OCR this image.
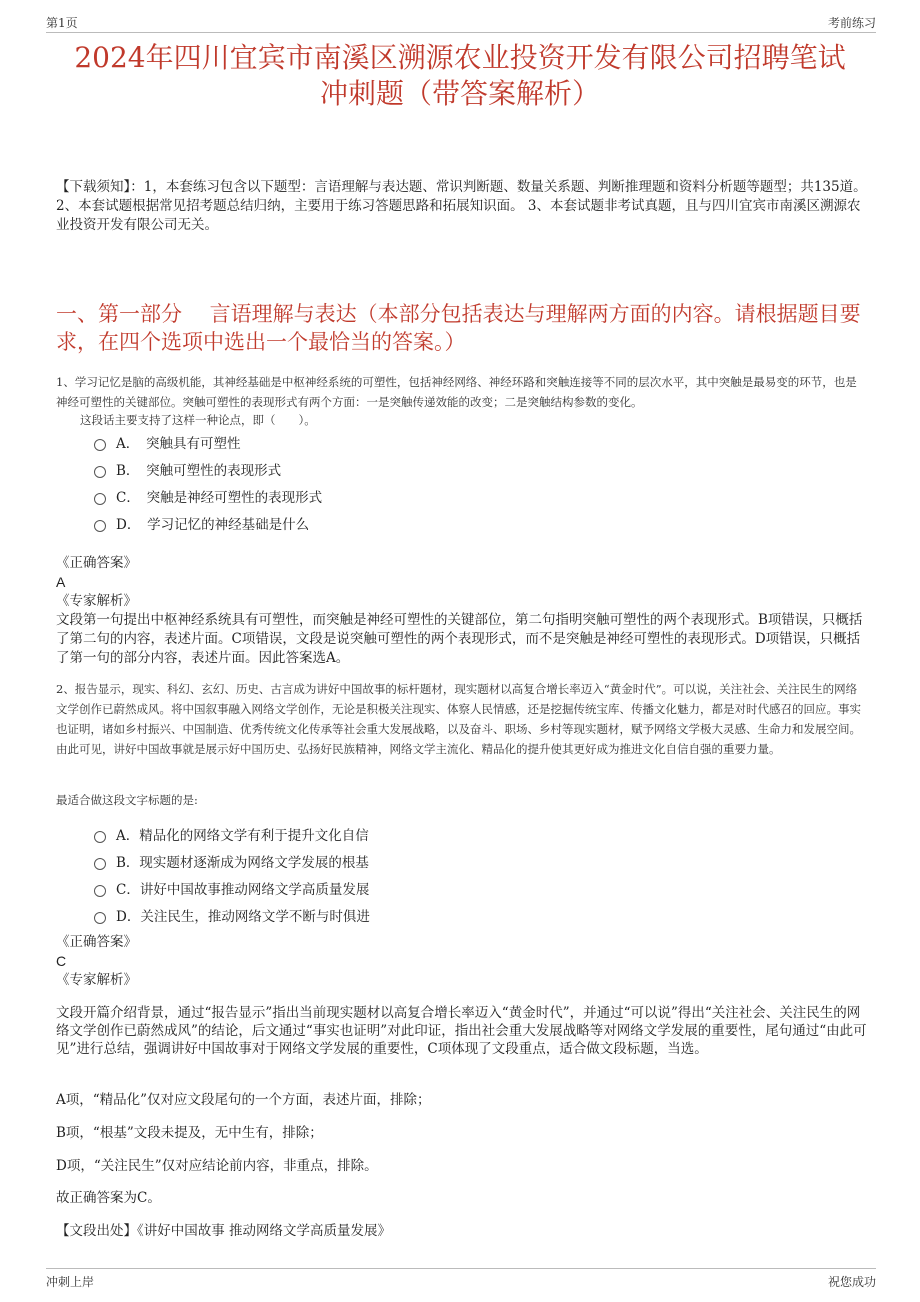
第1页	考前练习
2024年四川宜宾市南溪区溯源农业投资开发有限公司招聘笔试
冲刺题（带答案解析）
【下载须知】：1，本套练习包含以下题型：言语理解与表达题、常识判断题、数量关系题、判断推理题和资料分析题等题型；共135道。 2、本套试题根据常见招考题总结归纳，主要用于练习答题思路和拓展知识面。 3、本套试题非考试真题，且与四川宜宾市南溪区溯源农业投资开发有限公司无关。
一、第一部分　 言语理解与表达（本部分包括表达与理解两方面的内容。请根据题目要求，在四个选项中选出一个最恰当的答案。）
1、学习记忆是脑的高级机能，其神经基础是中枢神经系统的可塑性，包括神经网络、神经环路和突触连接等不同的层次水平，其中突触是最易变的环节，也是神经可塑性的关键部位。突触可塑性的表现形式有两个方面：一是突触传递效能的改变；二是突触结构参数的变化。
这段话主要支持了这样一种论点，即（　　）。
A．　突触具有可塑性
B．　突触可塑性的表现形式
C．　突触是神经可塑性的表现形式
D．　学习记忆的神经基础是什么
《正确答案》
A
《专家解析》
文段第一句提出中枢神经系统具有可塑性，而突触是神经可塑性的关键部位，第二句指明突触可塑性的两个表现形式。B项错误，只概括了第二句的内容，表述片面。C项错误，文段是说突触可塑性的两个表现形式，而不是突触是神经可塑性的表现形式。D项错误，只概括了第一句的部分内容，表述片面。因此答案选A。
2、报告显示，现实、科幻、玄幻、历史、古言成为讲好中国故事的标杆题材，现实题材以高复合增长率迈入“黄金时代”。可以说，关注社会、关注民生的网络文学创作已蔚然成风。将中国叙事融入网络文学创作，无论是积极关注现实、体察人民情感，还是挖掘传统宝库、传播文化魅力，都是对时代感召的回应。事实也证明，诸如乡村振兴、中国制造、优秀传统文化传承等社会重大发展战略，以及奋斗、职场、乡村等现实题材，赋予网络文学极大灵感、生命力和发展空间。由此可见，讲好中国故事就是展示好中国历史、弘扬好民族精神，网络文学主流化、精品化的提升使其更好成为推进文化自信自强的重要力量。
最适合做这段文字标题的是:
A．精品化的网络文学有利于提升文化自信
B．现实题材逐渐成为网络文学发展的根基
C．讲好中国故事推动网络文学高质量发展
D．关注民生，推动网络文学不断与时俱进
《正确答案》
C
《专家解析》
文段开篇介绍背景，通过“报告显示”指出当前现实题材以高复合增长率迈入“黄金时代”，并通过“可以说”得出“关注社会、关注民生的网络文学创作已蔚然成风”的结论，后文通过“事实也证明”对此印证，指出社会重大发展战略等对网络文学发展的重要性，尾句通过“由此可见”进行总结，强调讲好中国故事对于网络文学发展的重要性，C项体现了文段重点，适合做文段标题，当选。
A项，“精品化”仅对应文段尾句的一个方面，表述片面，排除；
B项，“根基”文段未提及，无中生有，排除；
D项，“关注民生”仅对应结论前内容，非重点，排除。
故正确答案为C。
【文段出处】《讲好中国故事 推动网络文学高质量发展》
冲刺上岸	祝您成功
